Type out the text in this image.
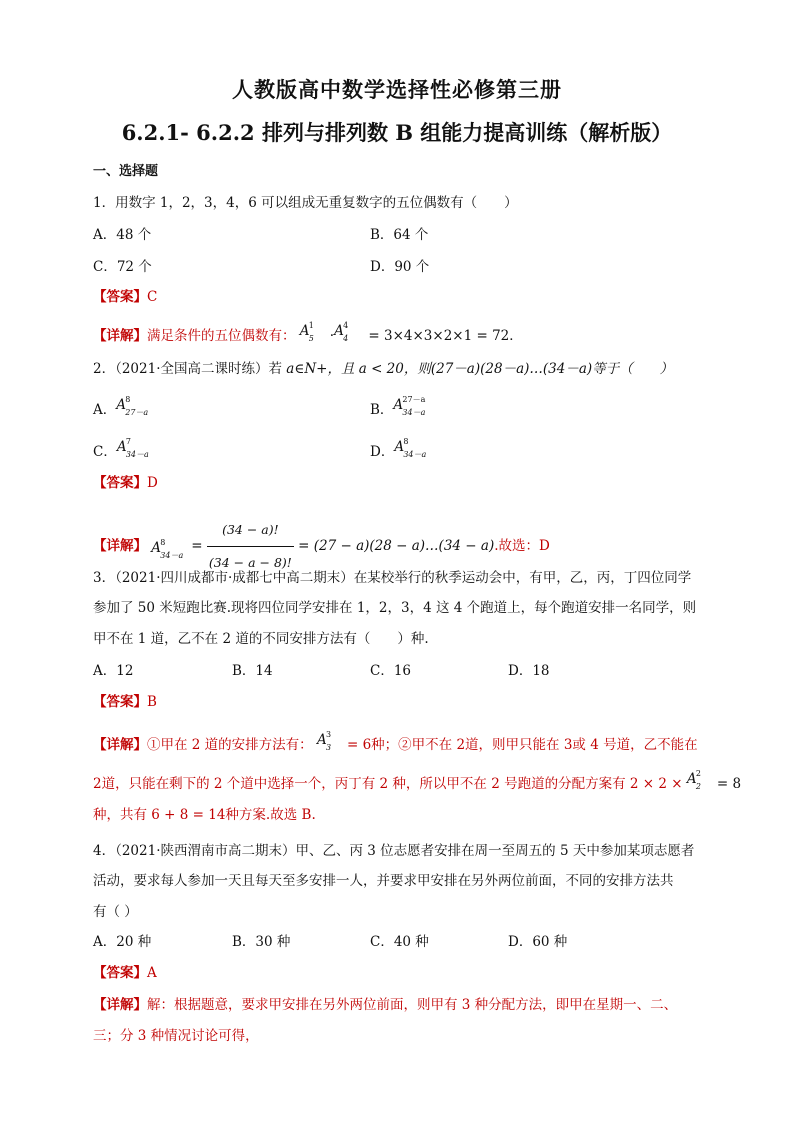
人教版高中数学选择性必修第三册
6.2.1- 6.2.2 排列与排列数 B 组能力提高训练（解析版）
一、选择题
1．用数字 1，2，3，4，6 可以组成无重复数字的五位偶数有（　　）
A．48 个	B．64 个
C．72 个	D．90 个
【答案】C
【详解】满足条件的五位偶数有： A 1
5 · A 4
4 = 3×4×3×2×1 = 72．
2．（2021·全国高二课时练）若 a∈N+，且 a < 20，则(27－a)(28－a)…(34－a)等于（　　）
A． A 8
27－a	B． A 27－a
34－a
C． A 7
34－a	D． A 8
34－a
【答案】D
【详解】 A 8
34－a
= $\frac{(34 - a)!}{(34 - a - 8)!} = (27 - a)(28$ − a)…(34 − a).故选：D
3．（2021·四川成都市·成都七中高二期末）在某校举行的秋季运动会中，有甲，乙，丙，丁四位同学
参加了 50 米短跑比赛.现将四位同学安排在 1，2，3，4 这 4 个跑道上，每个跑道安排一名同学，则
甲不在 1 道，乙不在 2 道的不同安排方法有（　　）种.
A．12	B．14	C．16	D．18
【答案】B
【详解】①甲在 2 道的安排方法有： A 3
3 = 6种；②甲不在 2道，则甲只能在 3或 4 号道，乙不能在
2道，只能在剩下的 2 个道中选择一个，丙丁有 2 种，所以甲不在 2 号跑道的分配方案有 2 × 2 × A 2
2 = 8
种，共有 6 + 8 = 14种方案.故选 B.
4．（2021·陕西渭南市高二期末）甲、乙、丙 3 位志愿者安排在周一至周五的 5 天中参加某项志愿者
活动，要求每人参加一天且每天至多安排一人，并要求甲安排在另外两位前面，不同的安排方法共
有（ ）
A．20 种	B．30 种	C．40 种	D．60 种
【答案】A
【详解】解：根据题意，要求甲安排在另外两位前面，则甲有 3 种分配方法，即甲在星期一、二、
三；分 3 种情况讨论可得，
